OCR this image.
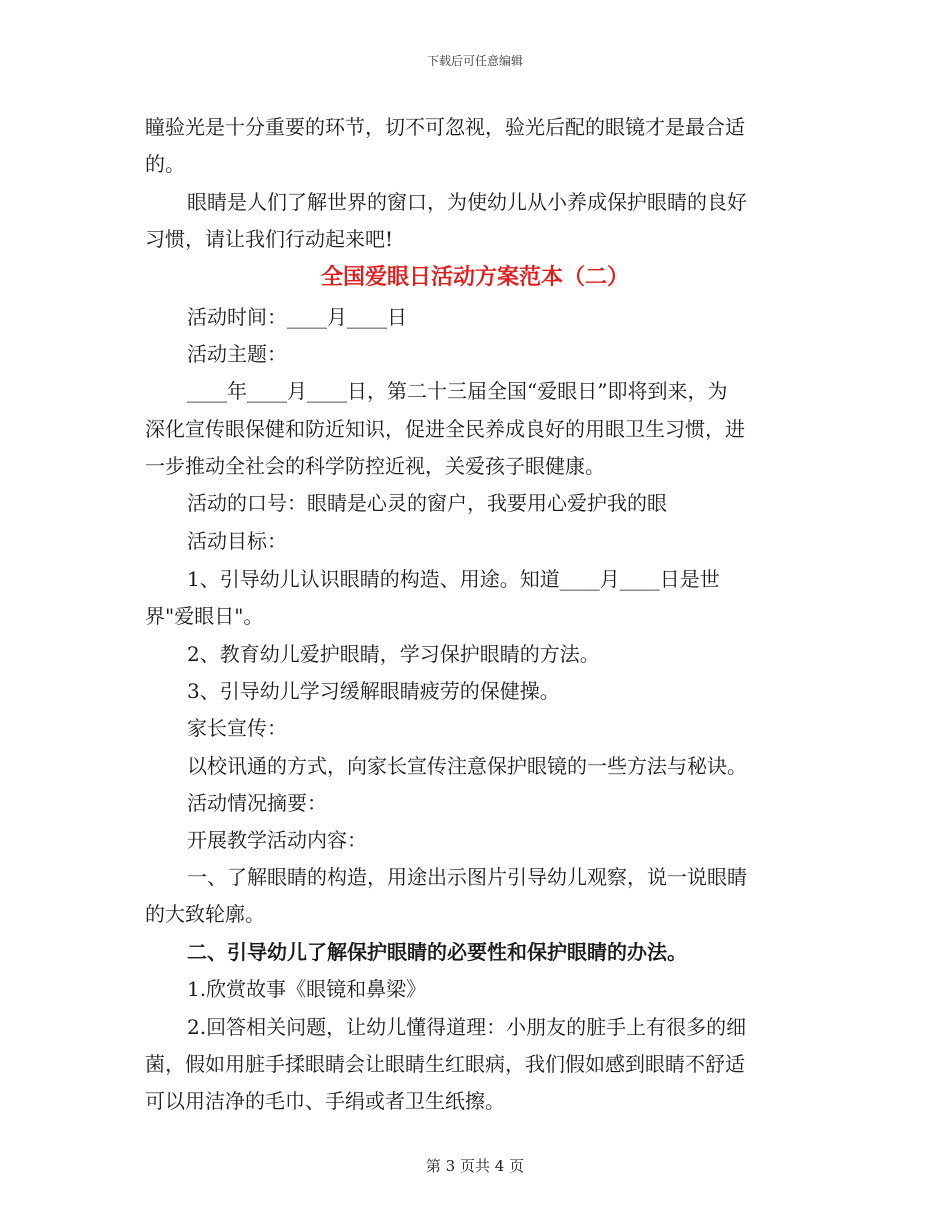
下载后可任意编辑
瞳验光是十分重要的环节，切不可忽视，验光后配的眼镜才是最合适
的。
眼睛是人们了解世界的窗口，为使幼儿从小养成保护眼睛的良好
习惯，请让我们行动起来吧!
全国爱眼日活动方案范本（二）
活动时间：____月____日
活动主题：
____年____月____日，第二十三届全国“爱眼日”即将到来，为
深化宣传眼保健和防近知识，促进全民养成良好的用眼卫生习惯，进
一步推动全社会的科学防控近视，关爱孩子眼健康。
活动的口号：眼睛是心灵的窗户，我要用心爱护我的眼
活动目标：
1、引导幼儿认识眼睛的构造、用途。知道____月____日是世
界"爱眼日"。
2、教育幼儿爱护眼睛，学习保护眼睛的方法。
3、引导幼儿学习缓解眼睛疲劳的保健操。
家长宣传：
以校讯通的方式，向家长宣传注意保护眼镜的一些方法与秘诀。
活动情况摘要：
开展教学活动内容：
一、了解眼睛的构造，用途出示图片引导幼儿观察，说一说眼睛
的大致轮廓。
二、引导幼儿了解保护眼睛的必要性和保护眼睛的办法。
1.欣赏故事《眼镜和鼻梁》
2.回答相关问题，让幼儿懂得道理：小朋友的脏手上有很多的细
菌，假如用脏手揉眼睛会让眼睛生红眼病，我们假如感到眼睛不舒适
可以用洁净的毛巾、手绢或者卫生纸擦。
第 3 页共 4 页
